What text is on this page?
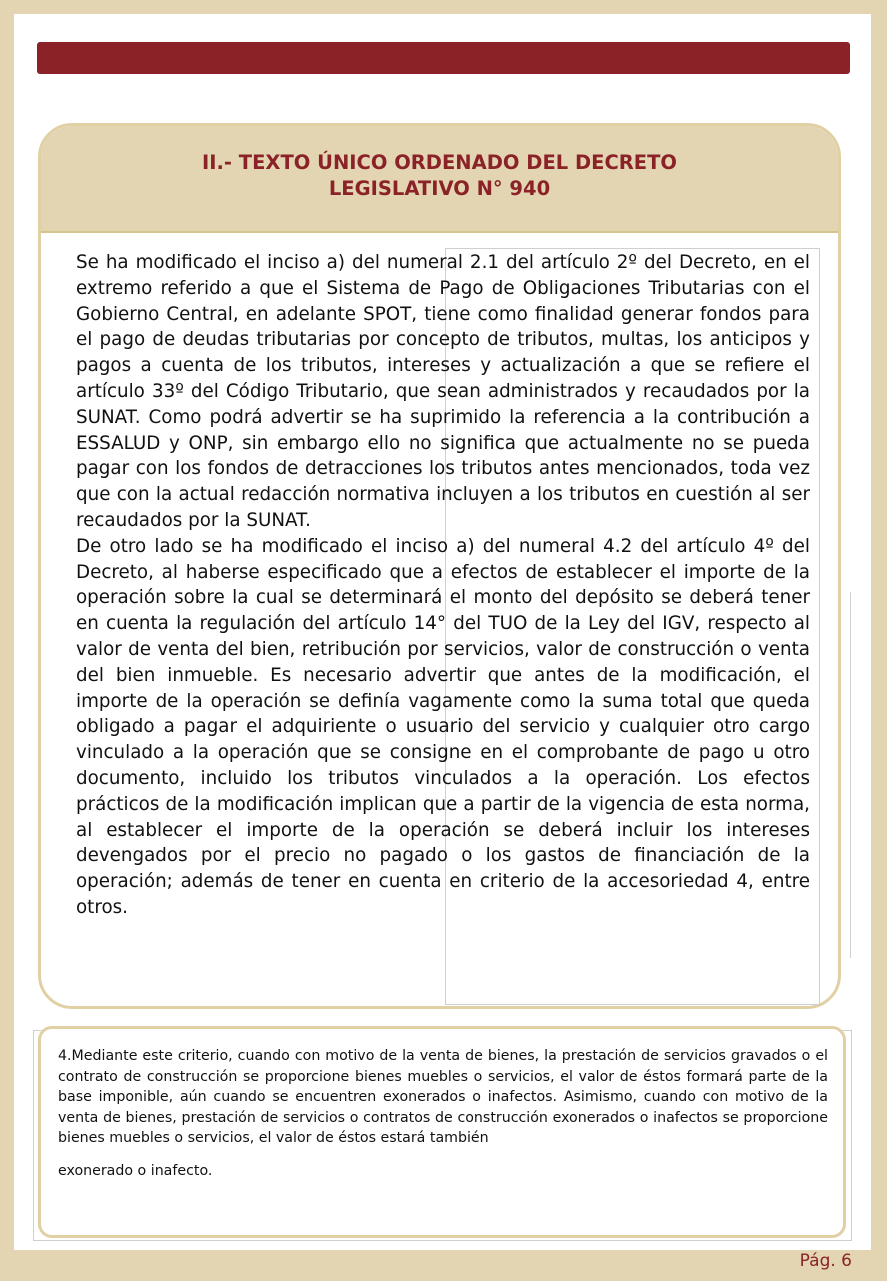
II.- TEXTO ÚNICO ORDENADO DEL DECRETO
LEGISLATIVO N° 940

Se ha modificado el inciso a) del numeral 2.1 del artículo 2º del Decreto, en el extremo referido a que el Sistema de Pago de Obligaciones Tributarias con el Gobierno Central, en adelante SPOT, tiene como finalidad generar fondos para el pago de deudas tributarias por concepto de tributos, multas, los anticipos y pagos a cuenta de los tributos, intereses y actualización a que se refiere el artículo 33º del Código Tributario, que sean administrados y recaudados por la SUNAT. Como podrá advertir se ha suprimido la referencia a la contribución a ESSALUD y ONP, sin embargo ello no significa que actualmente no se pueda pagar con los fondos de detracciones los tributos antes mencionados, toda vez que con la actual redacción normativa incluyen a los tributos en cuestión al ser recaudados por la SUNAT.

De otro lado se ha modificado el inciso a) del numeral 4.2 del artículo 4º del Decreto, al haberse especificado que a efectos de establecer el importe de la operación sobre la cual se determinará el monto del depósito se deberá tener en cuenta la regulación del artículo 14° del TUO de la Ley del IGV, respecto al valor de venta del bien, retribución por servicios, valor de construcción o venta del bien inmueble. Es necesario advertir que antes de la modificación, el importe de la operación se definía vagamente como la suma total que queda obligado a pagar el adquiriente o usuario del servicio y cualquier otro cargo vinculado a la operación que se consigne en el comprobante de pago u otro documento, incluido los tributos vinculados a la operación. Los efectos prácticos de la modificación implican que a partir de la vigencia de esta norma, al establecer el importe de la operación se deberá incluir los intereses devengados por el precio no pagado o los gastos de financiación de la operación; además de tener en cuenta en criterio de la accesoriedad 4, entre otros.

4.Mediante este criterio, cuando con motivo de la venta de bienes, la prestación de servicios gravados o el contrato de construcción se proporcione bienes muebles o servicios, el valor de éstos formará parte de la base imponible, aún cuando se encuentren exonerados o inafectos. Asimismo, cuando con motivo de la venta de bienes, prestación de servicios o contratos de construcción exonerados o inafectos se proporcione bienes muebles o servicios, el valor de éstos estará también

exonerado o inafecto.
Pág. 6
